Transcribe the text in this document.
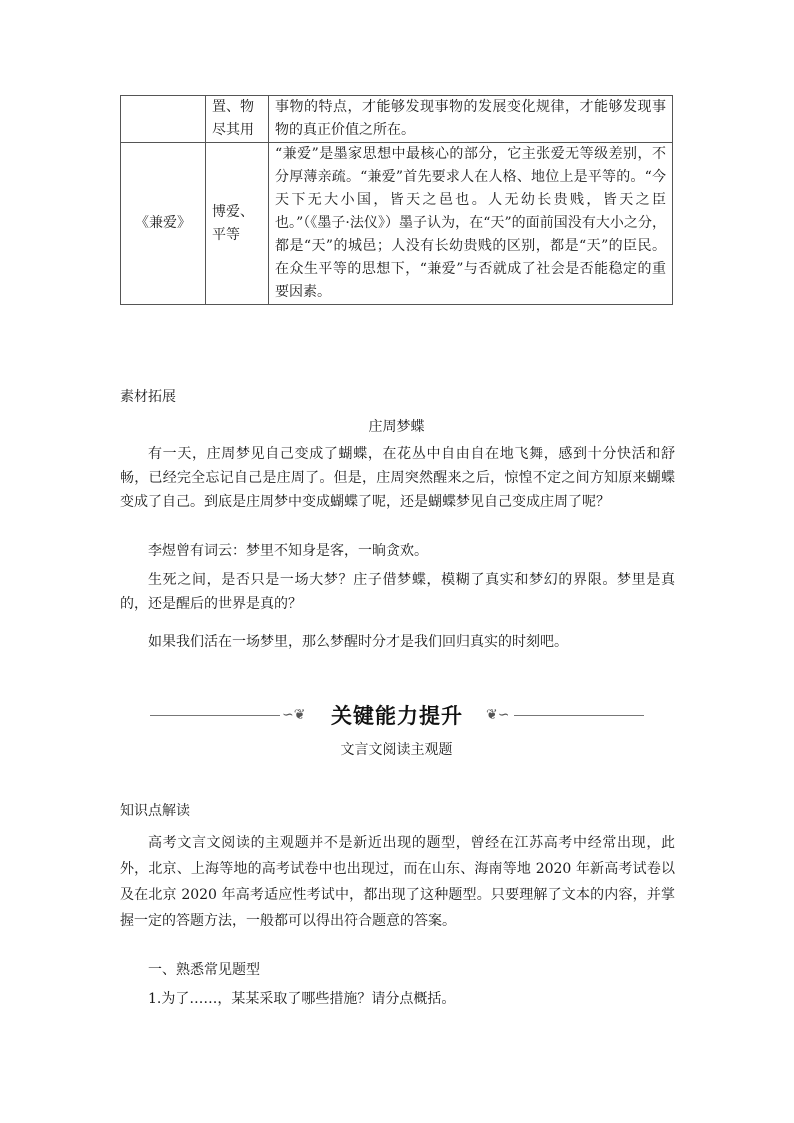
	置、物尽其用	事物的特点，才能够发现事物的发展变化规律，才能够发现事物的真正价值之所在。
《兼爱》	博爱、平等	“兼爱”是墨家思想中最核心的部分，它主张爱无等级差别，不分厚薄亲疏。“兼爱”首先要求人在人格、地位上是平等的。“今天下无大小国，皆天之邑也。人无幼长贵贱，皆天之臣也。”（《墨子·法仪》）墨子认为，在“天”的面前国没有大小之分，都是“天”的城邑；人没有长幼贵贱的区别，都是“天”的臣民。在众生平等的思想下，“兼爱”与否就成了社会是否能稳定的重要因素。
素材拓展
庄周梦蝶

有一天，庄周梦见自己变成了蝴蝶，在花丛中自由自在地飞舞，感到十分快活和舒畅，已经完全忘记自己是庄周了。但是，庄周突然醒来之后，惊惶不定之间方知原来蝴蝶变成了自己。到底是庄周梦中变成蝴蝶了呢，还是蝴蝶梦见自己变成庄周了呢？

李煜曾有词云：梦里不知身是客，一晌贪欢。

生死之间，是否只是一场大梦？庄子借梦蝶，模糊了真实和梦幻的界限。梦里是真的，还是醒后的世界是真的？

如果我们活在一场梦里，那么梦醒时分才是我们回归真实的时刻吧。

∽❦	关键能力提升	❦∽
文言文阅读主观题
知识点解读

高考文言文阅读的主观题并不是新近出现的题型，曾经在江苏高考中经常出现，此外，北京、上海等地的高考试卷中也出现过，而在山东、海南等地 2020 年新高考试卷以及在北京 2020 年高考适应性考试中，都出现了这种题型。只要理解了文本的内容，并掌握一定的答题方法，一般都可以得出符合题意的答案。

一、熟悉常见题型

1.为了……，某某采取了哪些措施？请分点概括。
